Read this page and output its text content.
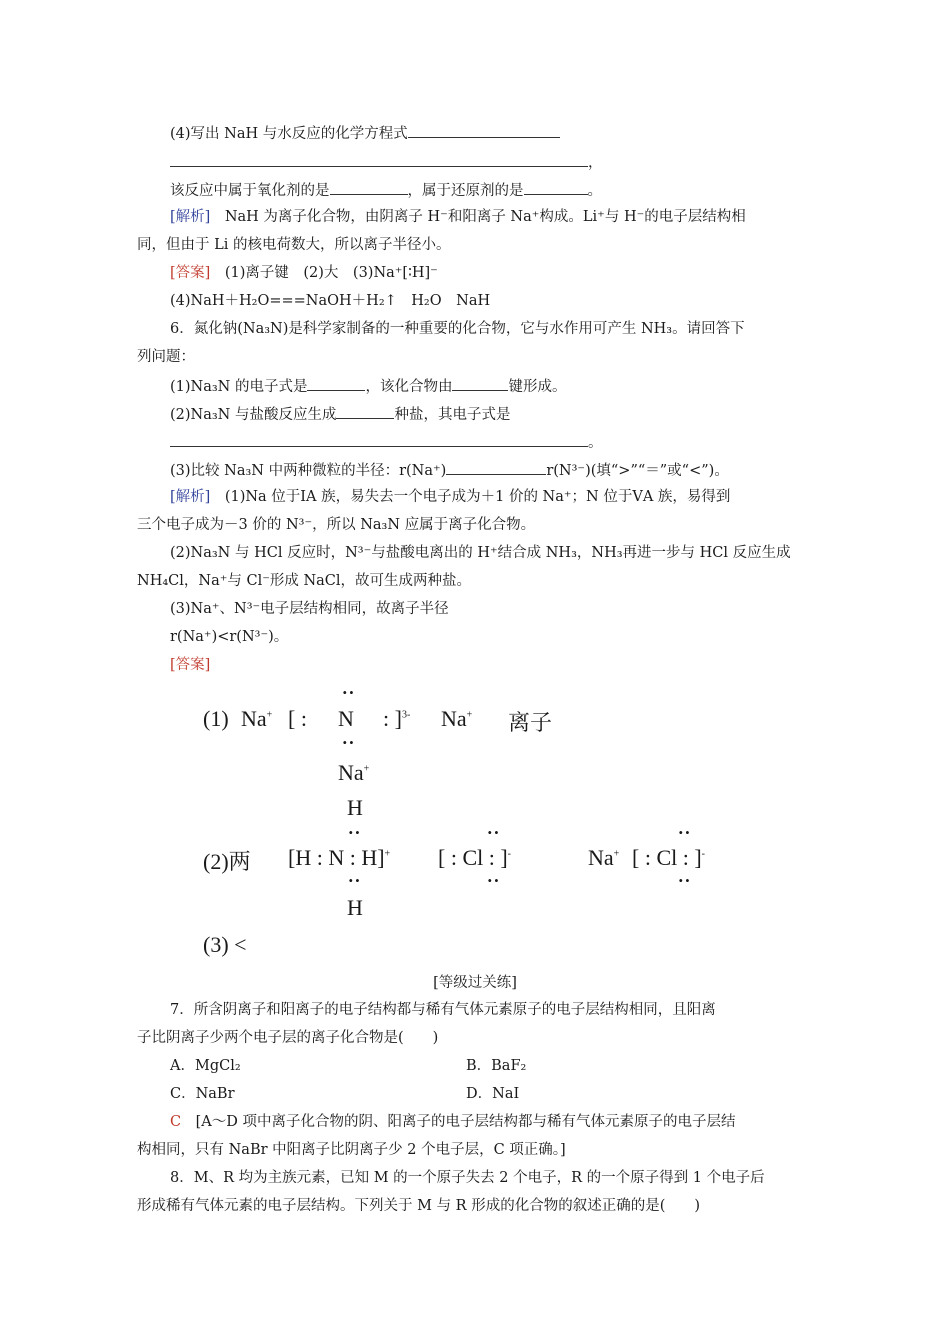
(4)写出 NaH 与水反应的化学方程式
，
该反应中属于氧化剂的是	，属于还原剂的是	。
[解析]　 NaH 为离子化合物，由阴离子 H⁻和阳离子 Na⁺构成。Li⁺与 H⁻的电子层结构相
同，但由于 Li 的核电荷数大，所以离子半径小。
[答案]　 (1)离子键　(2)大　(3)Na⁺[∶H]⁻
(4)NaH＋H₂O===NaOH＋H₂↑　H₂O　NaH
6．氮化钠(Na₃N)是科学家制备的一种重要的化合物，它与水作用可产生 NH₃。请回答下
列问题：
(1)Na₃N 的电子式是	，该化合物由	键形成。
(2)Na₃N 与盐酸反应生成	种盐，其电子式是
。
(3)比较 Na₃N 中两种微粒的半径：r(Na⁺)	r(N³⁻)(填“>”“＝”或“<”)。
[解析]　 (1)Na 位于ⅠA 族，易失去一个电子成为＋1 价的 Na⁺；N 位于ⅤA 族，易得到
三个电子成为－3 价的 N³⁻，所以 Na₃N 应属于离子化合物。
(2)Na₃N 与 HCl 反应时，N³⁻与盐酸电离出的 H⁺结合成 NH₃，NH₃再进一步与 HCl 反应生成
NH₄Cl，Na⁺与 Cl⁻形成 NaCl，故可生成两种盐。
(3)Na⁺、N³⁻电子层结构相同，故离子半径
r(Na⁺)<r(N³⁻)。
[答案]
··
(1) Na+ [ : N : ]$^{3-}$ Na+ 离子
··
Na+
H
··	··	··
(2)两 [H : N : H]+ [ : Cl : ]-	Na+ [ : Cl : ]-
··	··	··
H
(3) <
[等级过关练]
7．所含阴离子和阳离子的电子结构都与稀有气体元素原子的电子层结构相同，且阳离
子比阴离子少两个电子层的离子化合物是(　　)
A．MgCl₂	B．BaF₂
C．NaBr	D．NaI
C　 [A～D 项中离子化合物的阴、阳离子的电子层结构都与稀有气体元素原子的电子层结
构相同，只有 NaBr 中阳离子比阴离子少 2 个电子层，C 项正确。]
8．M、R 均为主族元素，已知 M 的一个原子失去 2 个电子，R 的一个原子得到 1 个电子后
形成稀有气体元素的电子层结构。下列关于 M 与 R 形成的化合物的叙述正确的是(　　)
